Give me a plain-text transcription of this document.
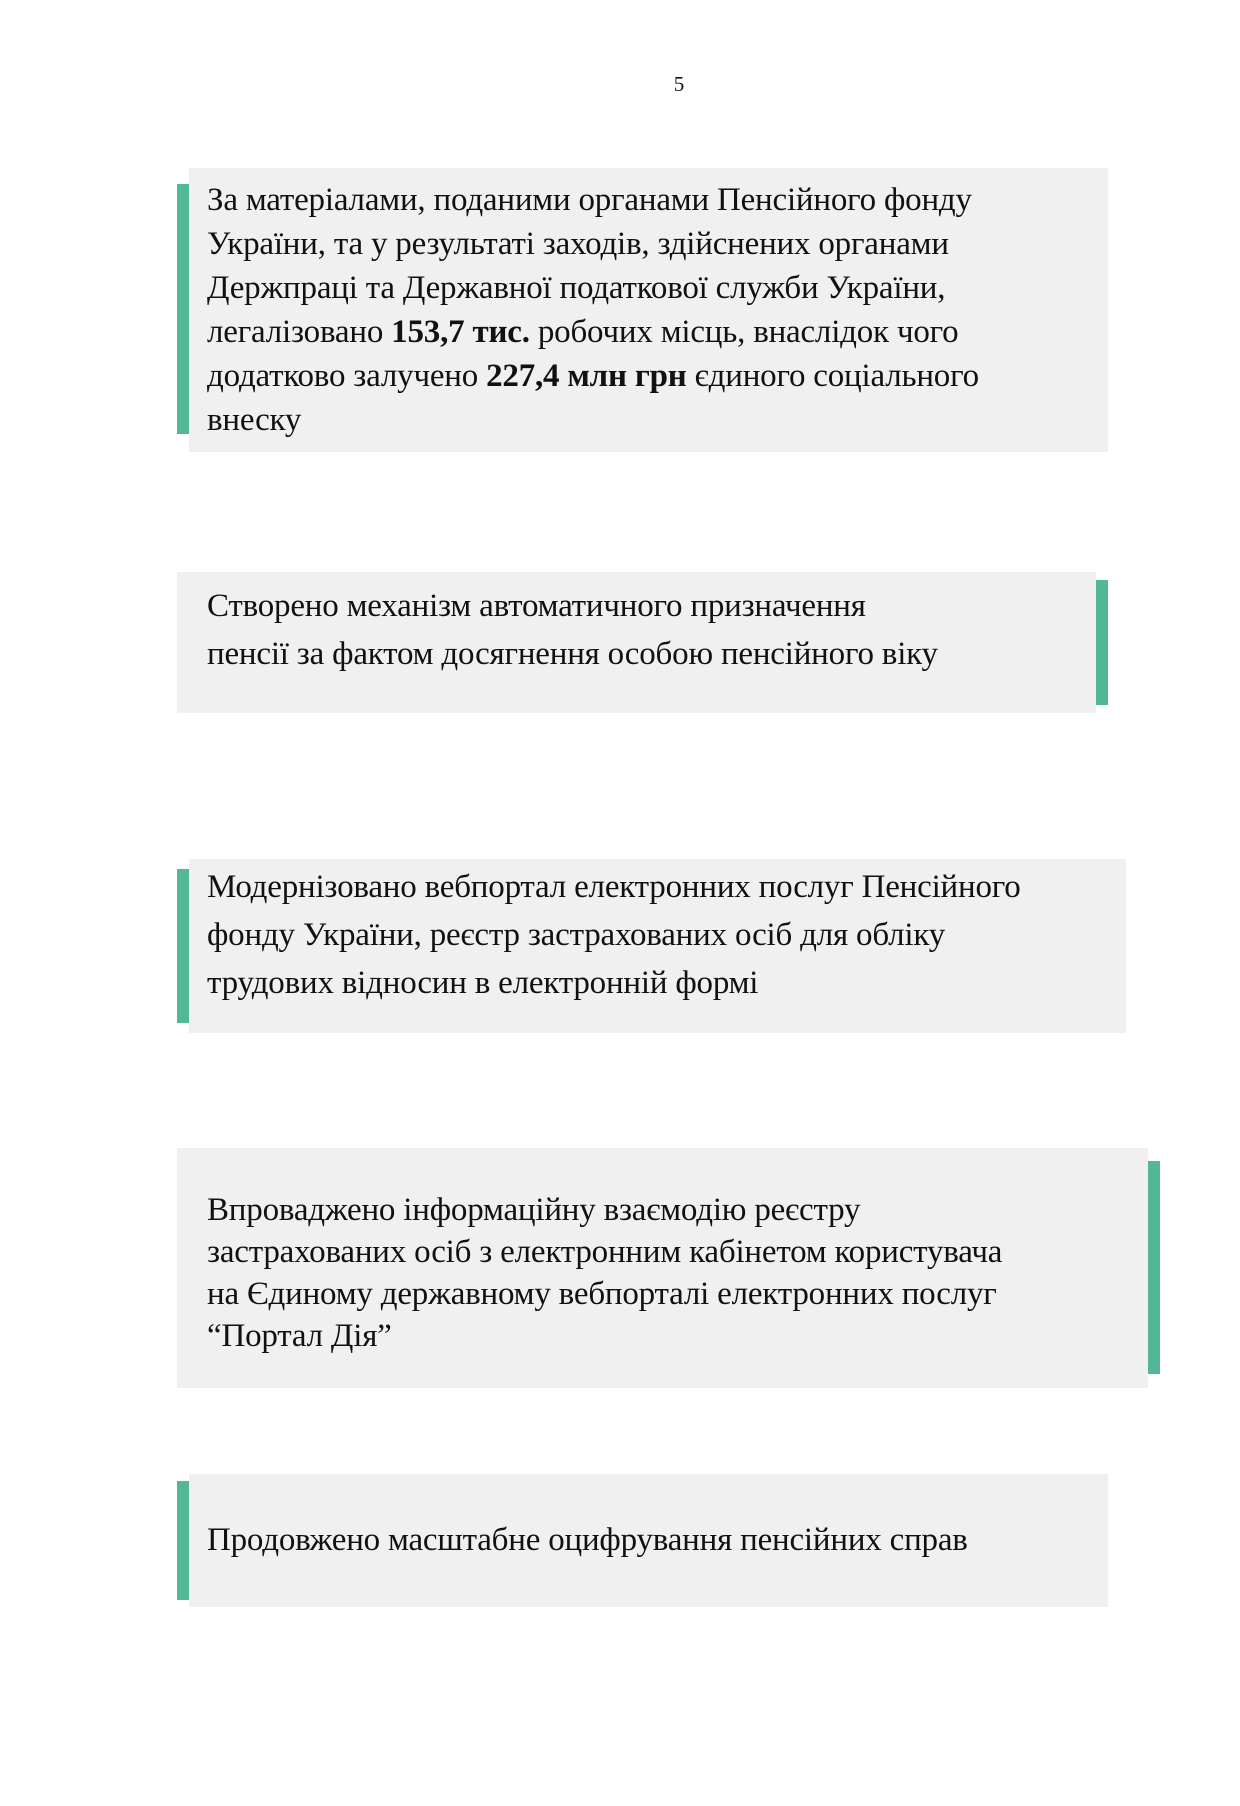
5
За матеріалами, поданими органами Пенсійного фонду
України, та у результаті заходів, здійснених органами
Держпраці та Державної податкової служби України,
легалізовано 153,7 тис. робочих місць, внаслідок чого
додатково залучено 227,4 млн грн єдиного соціального
внеску
Створено механізм автоматичного призначення
пенсії за фактом досягнення особою пенсійного віку
Модернізовано вебпортал електронних послуг Пенсійного
фонду України, реєстр застрахованих осіб для обліку
трудових відносин в електронній формі
Впроваджено інформаційну взаємодію реєстру
застрахованих осіб з електронним кабінетом користувача
на Єдиному державному вебпорталі електронних послуг
“Портал Дія”
Продовжено масштабне оцифрування пенсійних справ
